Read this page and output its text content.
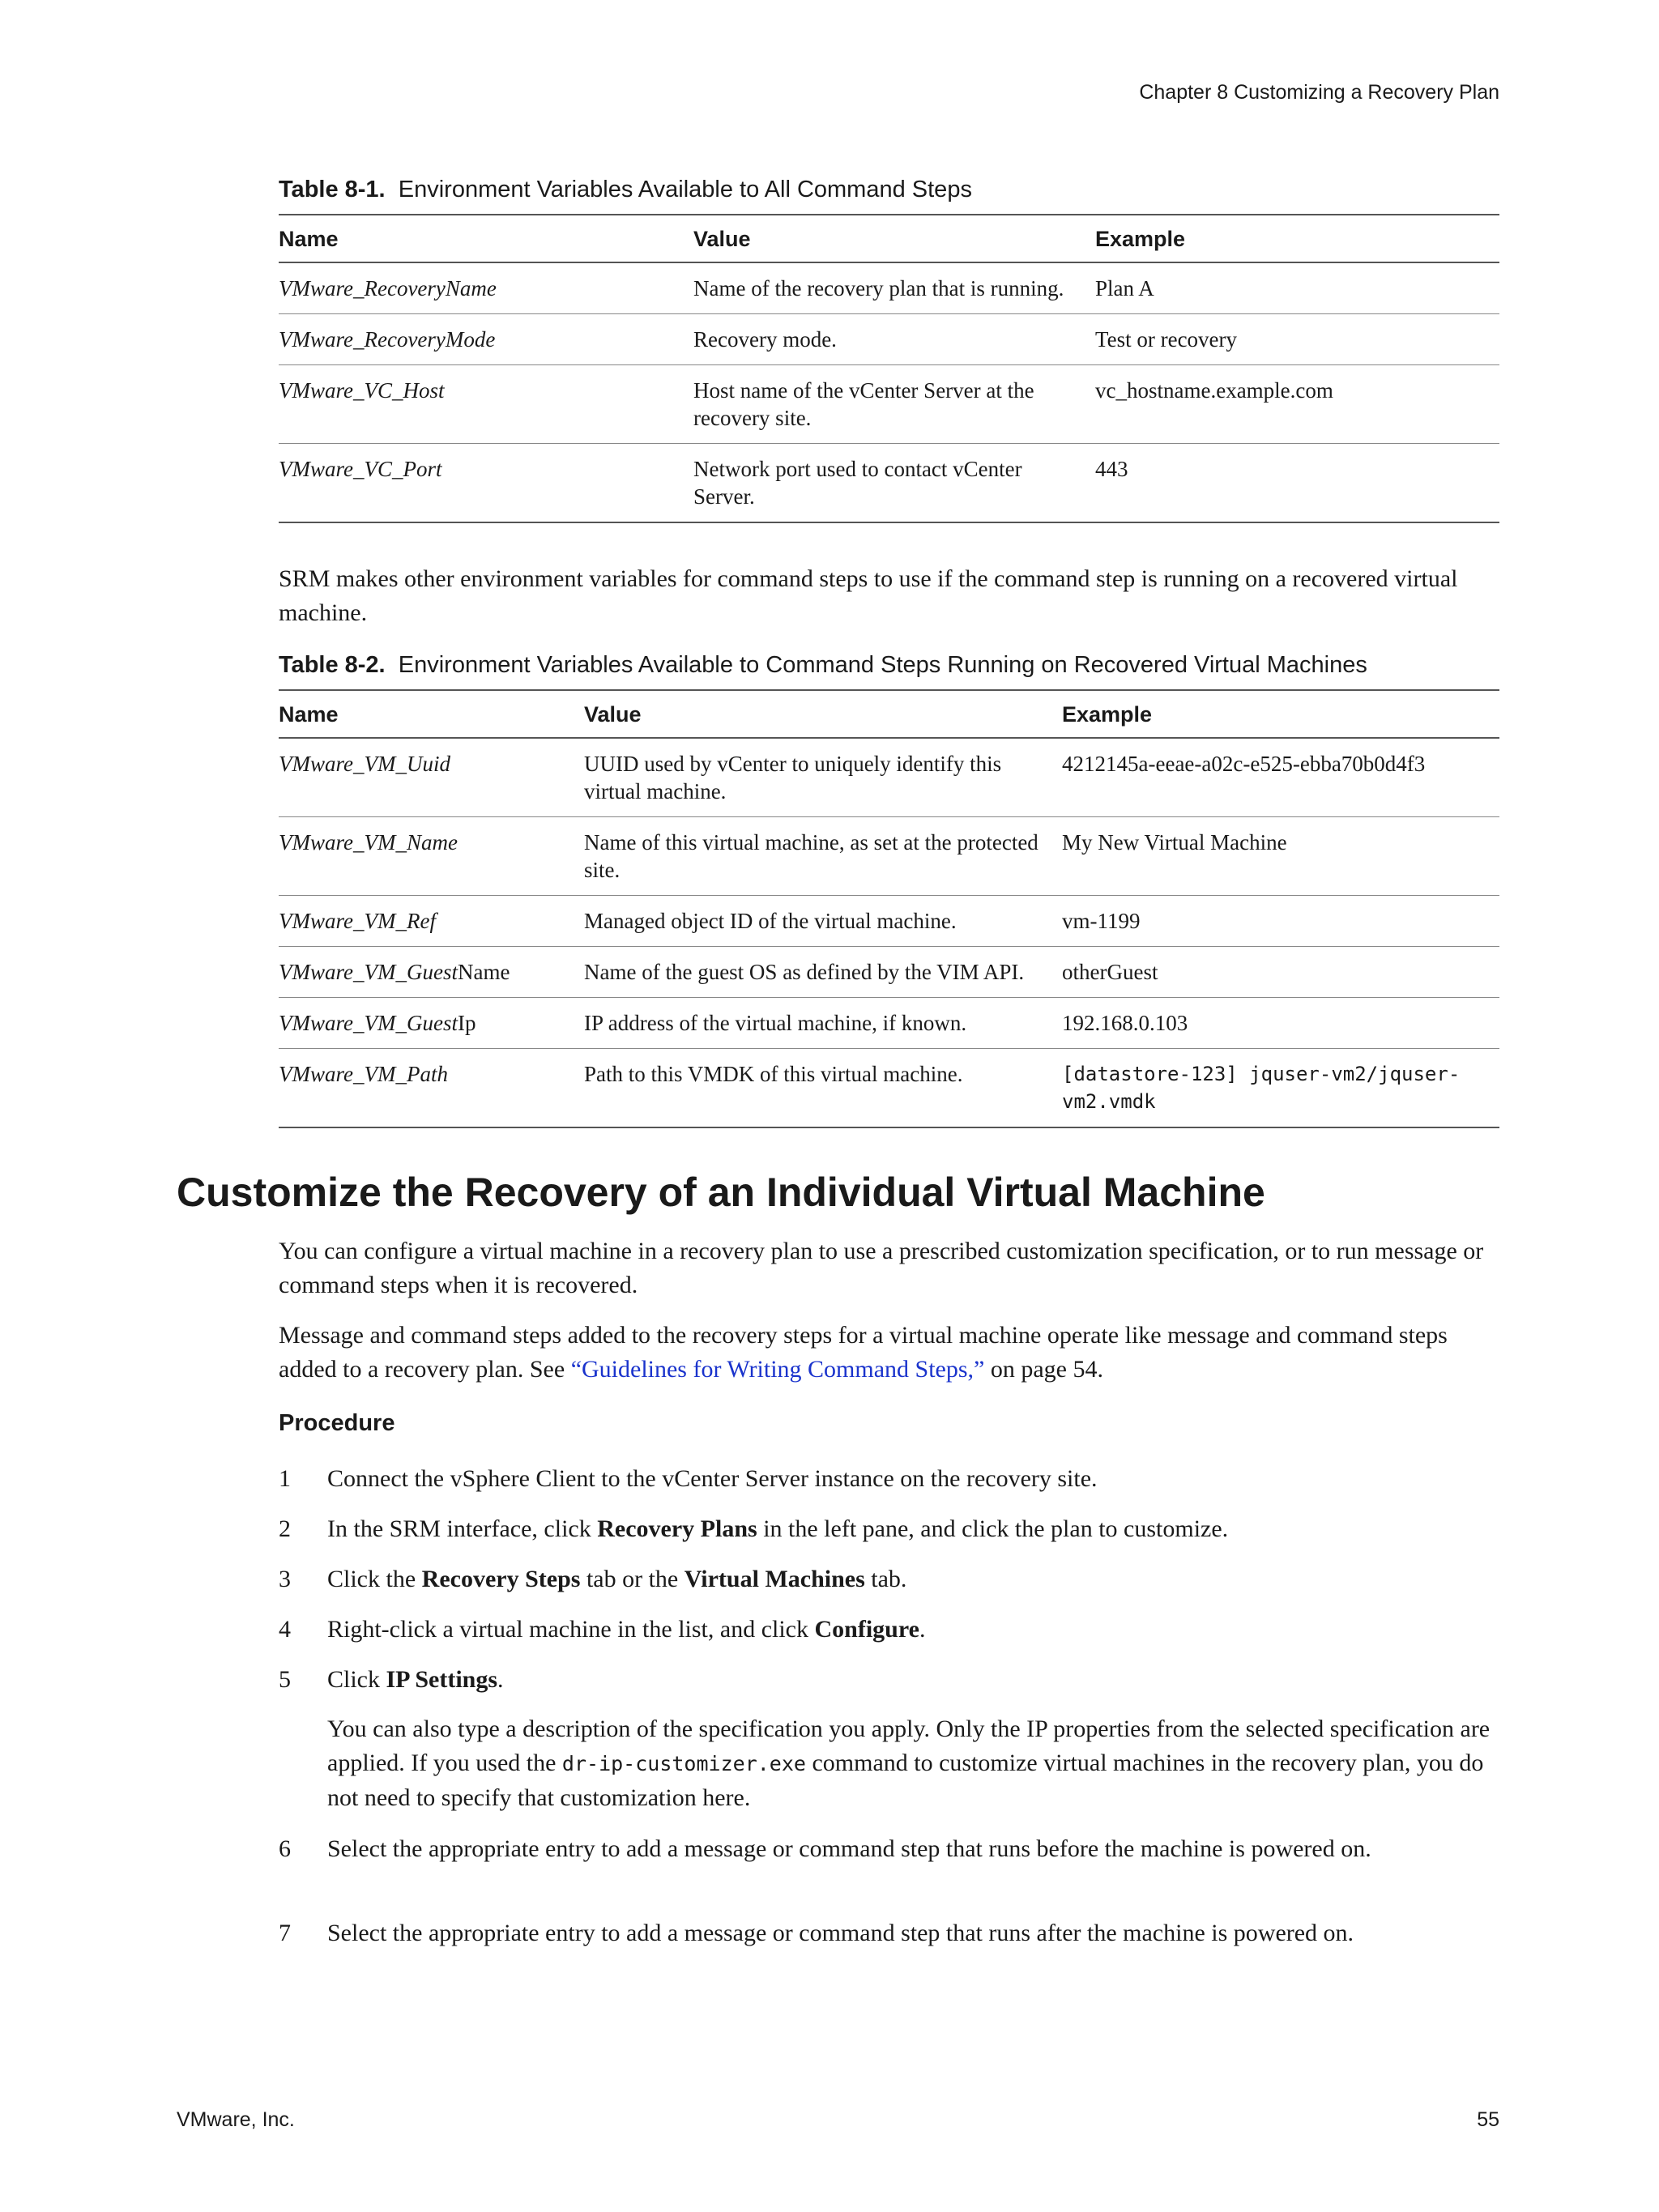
Chapter 8 Customizing a Recovery Plan
Table 8-1. Environment Variables Available to All Command Steps
Name	Value	Example
VMware_RecoveryName	Name of the recovery plan that is running.	Plan A
VMware_RecoveryMode	Recovery mode.	Test or recovery
VMware_VC_Host	Host name of the vCenter Server at the recovery site.	vc_hostname.example.com
VMware_VC_Port	Network port used to contact vCenter Server.	443
SRM makes other environment variables for command steps to use if the command step is running on a recovered virtual machine.
Table 8-2. Environment Variables Available to Command Steps Running on Recovered Virtual Machines
Name	Value	Example
VMware_VM_Uuid	UUID used by vCenter to uniquely identify this virtual machine.	4212145a-eeae-a02c-e525-ebba70b0d4f3
VMware_VM_Name	Name of this virtual machine, as set at the protected site.	My New Virtual Machine
VMware_VM_Ref	Managed object ID of the virtual machine.	vm-1199
VMware_VM_GuestName	Name of the guest OS as defined by the VIM API.	otherGuest
VMware_VM_GuestIp	IP address of the virtual machine, if known.	192.168.0.103
VMware_VM_Path	Path to this VMDK of this virtual machine.	[datastore-123] jquser-vm2/jquser-vm2.vmdk
Customize the Recovery of an Individual Virtual Machine
You can configure a virtual machine in a recovery plan to use a prescribed customization specification, or to run message or command steps when it is recovered.
Message and command steps added to the recovery steps for a virtual machine operate like message and command steps added to a recovery plan. See “Guidelines for Writing Command Steps,” on page 54.
Procedure
1	Connect the vSphere Client to the vCenter Server instance on the recovery site.
2	In the SRM interface, click Recovery Plans in the left pane, and click the plan to customize.
3	Click the Recovery Steps tab or the Virtual Machines tab.
4	Right-click a virtual machine in the list, and click Configure.
5	Click IP Settings.
You can also type a description of the specification you apply. Only the IP properties from the selected specification are applied. If you used the dr-ip-customizer.exe command to customize virtual machines in the recovery plan, you do not need to specify that customization here.
6	Select the appropriate entry to add a message or command step that runs before the machine is powered on.
7	Select the appropriate entry to add a message or command step that runs after the machine is powered on.
VMware, Inc.	55
